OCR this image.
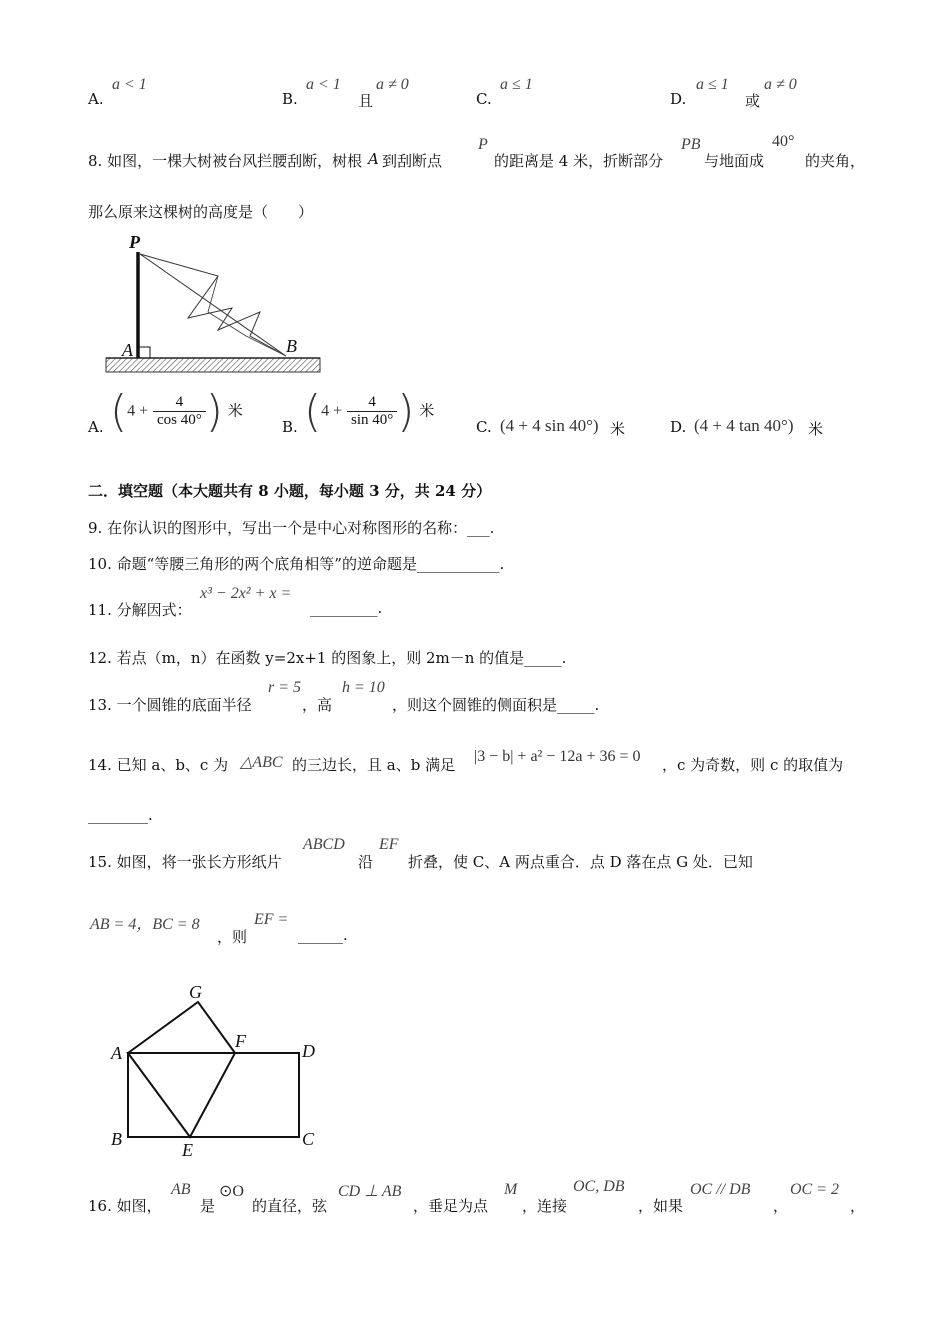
A.
a < 1
B.
a < 1
且
a ≠ 0
C.
a ≤ 1
D.
a ≤ 1
或
a ≠ 0
8. 如图，一棵大树被台风拦腰刮断，树根 A 到刮断点
P
的距离是 4 米，折断部分
PB
与地面成
40°
的夹角，
那么原来这棵树的高度是（　　）
P
A	B
A. ($4 + \frac{4}{\cos 40^\circ}$ ) 米
B. ($4 + \frac{4}{\sin 40^\circ}$ ) 米
C. (4 + 4 sin 40°) 米	D. (4 + 4 tan 40°) 米
二．填空题（本大题共有 8 小题，每小题 3 分，共 24 分）
9. 在你认识的图形中，写出一个是中心对称图形的名称：___.
10. 命题“等腰三角形的两个底角相等”的逆命题是___________.
11. 分解因式：
x³ − 2x² + x =
_________.
12. 若点（m，n）在函数 y=2x+1 的图象上，则 2m－n 的值是_____.
13. 一个圆锥的底面半径
r = 5
，高
h = 10
，则这个圆锥的侧面积是_____.
14. 已知 a、b、c 为 △ABC 的三边长，且 a、b 满足 |3 − b| + a² − 12a + 36 = 0 ，c 为奇数，则 c 的取值为
________.
15. 如图，将一张长方形纸片
ABCD
沿
EF
折叠，使 C、A 两点重合．点 D 落在点 G 处．已知
AB = 4，BC = 8
，则
EF =
______.
G
A
F	D
B
E
C
16. 如图，
AB
是
⊙O
的直径，弦
CD ⊥ AB
，垂足为点
M
，连接
OC, DB
，如果
OC // DB
，
OC = 2
，
